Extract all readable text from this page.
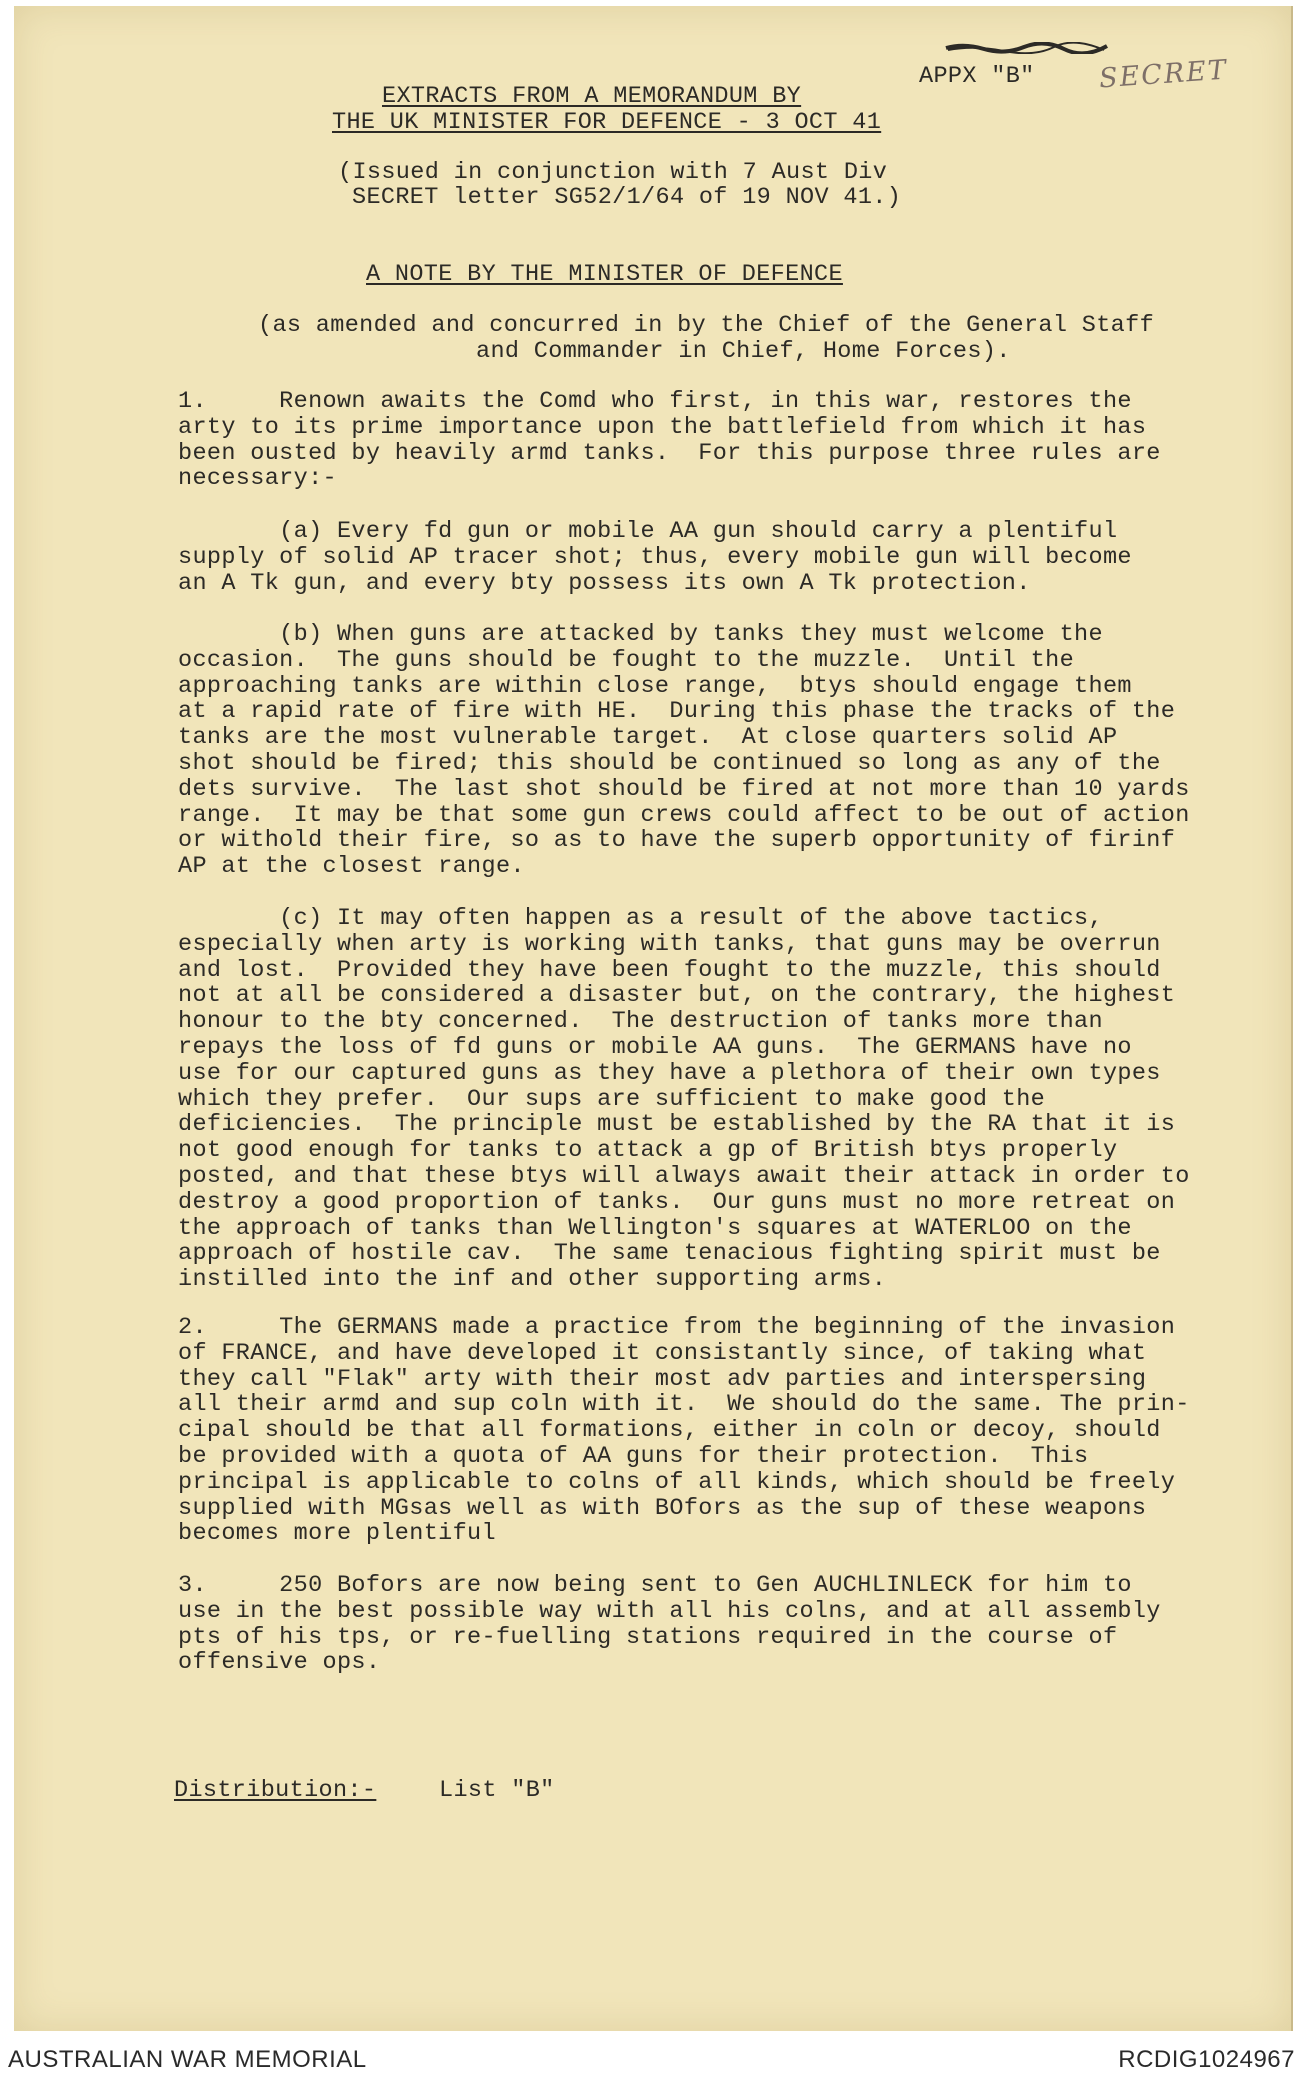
APPX "B" SECRET
EXTRACTS FROM A MEMORANDUM BY
THE UK MINISTER FOR DEFENCE - 3 OCT 41
(Issued in conjunction with 7 Aust Div
SECRET letter SG52/1/64 of 19 NOV 41.)
A NOTE BY THE MINISTER OF DEFENCE
(as amended and concurred in by the Chief of the General Staff
and Commander in Chief, Home Forces).
1.     Renown awaits the Comd who first, in this war, restores the
arty to its prime importance upon the battlefield from which it has
been ousted by heavily armd tanks.  For this purpose three rules are
necessary:-
(a) Every fd gun or mobile AA gun should carry a plentiful
supply of solid AP tracer shot; thus, every mobile gun will become
an A Tk gun, and every bty possess its own A Tk protection.
(b) When guns are attacked by tanks they must welcome the
occasion.  The guns should be fought to the muzzle.  Until the
approaching tanks are within close range,  btys should engage them
at a rapid rate of fire with HE.  During this phase the tracks of the
tanks are the most vulnerable target.  At close quarters solid AP
shot should be fired; this should be continued so long as any of the
dets survive.  The last shot should be fired at not more than 10 yards
range.  It may be that some gun crews could affect to be out of action
or withold their fire, so as to have the superb opportunity of firinf
AP at the closest range.
(c) It may often happen as a result of the above tactics,
especially when arty is working with tanks, that guns may be overrun
and lost.  Provided they have been fought to the muzzle, this should
not at all be considered a disaster but, on the contrary, the highest
honour to the bty concerned.  The destruction of tanks more than
repays the loss of fd guns or mobile AA guns.  The GERMANS have no
use for our captured guns as they have a plethora of their own types
which they prefer.  Our sups are sufficient to make good the
deficiencies.  The principle must be established by the RA that it is
not good enough for tanks to attack a gp of British btys properly
posted, and that these btys will always await their attack in order to
destroy a good proportion of tanks.  Our guns must no more retreat on
the approach of tanks than Wellington's squares at WATERLOO on the
approach of hostile cav.  The same tenacious fighting spirit must be
instilled into the inf and other supporting arms.
2.     The GERMANS made a practice from the beginning of the invasion
of FRANCE, and have developed it consistantly since, of taking what
they call "Flak" arty with their most adv parties and interspersing
all their armd and sup coln with it.  We should do the same. The prin-
cipal should be that all formations, either in coln or decoy, should
be provided with a quota of AA guns for their protection.  This
principal is applicable to colns of all kinds, which should be freely
supplied with MGsas well as with BOfors as the sup of these weapons
becomes more plentiful
3.     250 Bofors are now being sent to Gen AUCHLINLECK for him to
use in the best possible way with all his colns, and at all assembly
pts of his tps, or re-fuelling stations required in the course of
offensive ops.
Distribution:-	List "B"
AUSTRALIAN WAR MEMORIAL	RCDIG1024967
